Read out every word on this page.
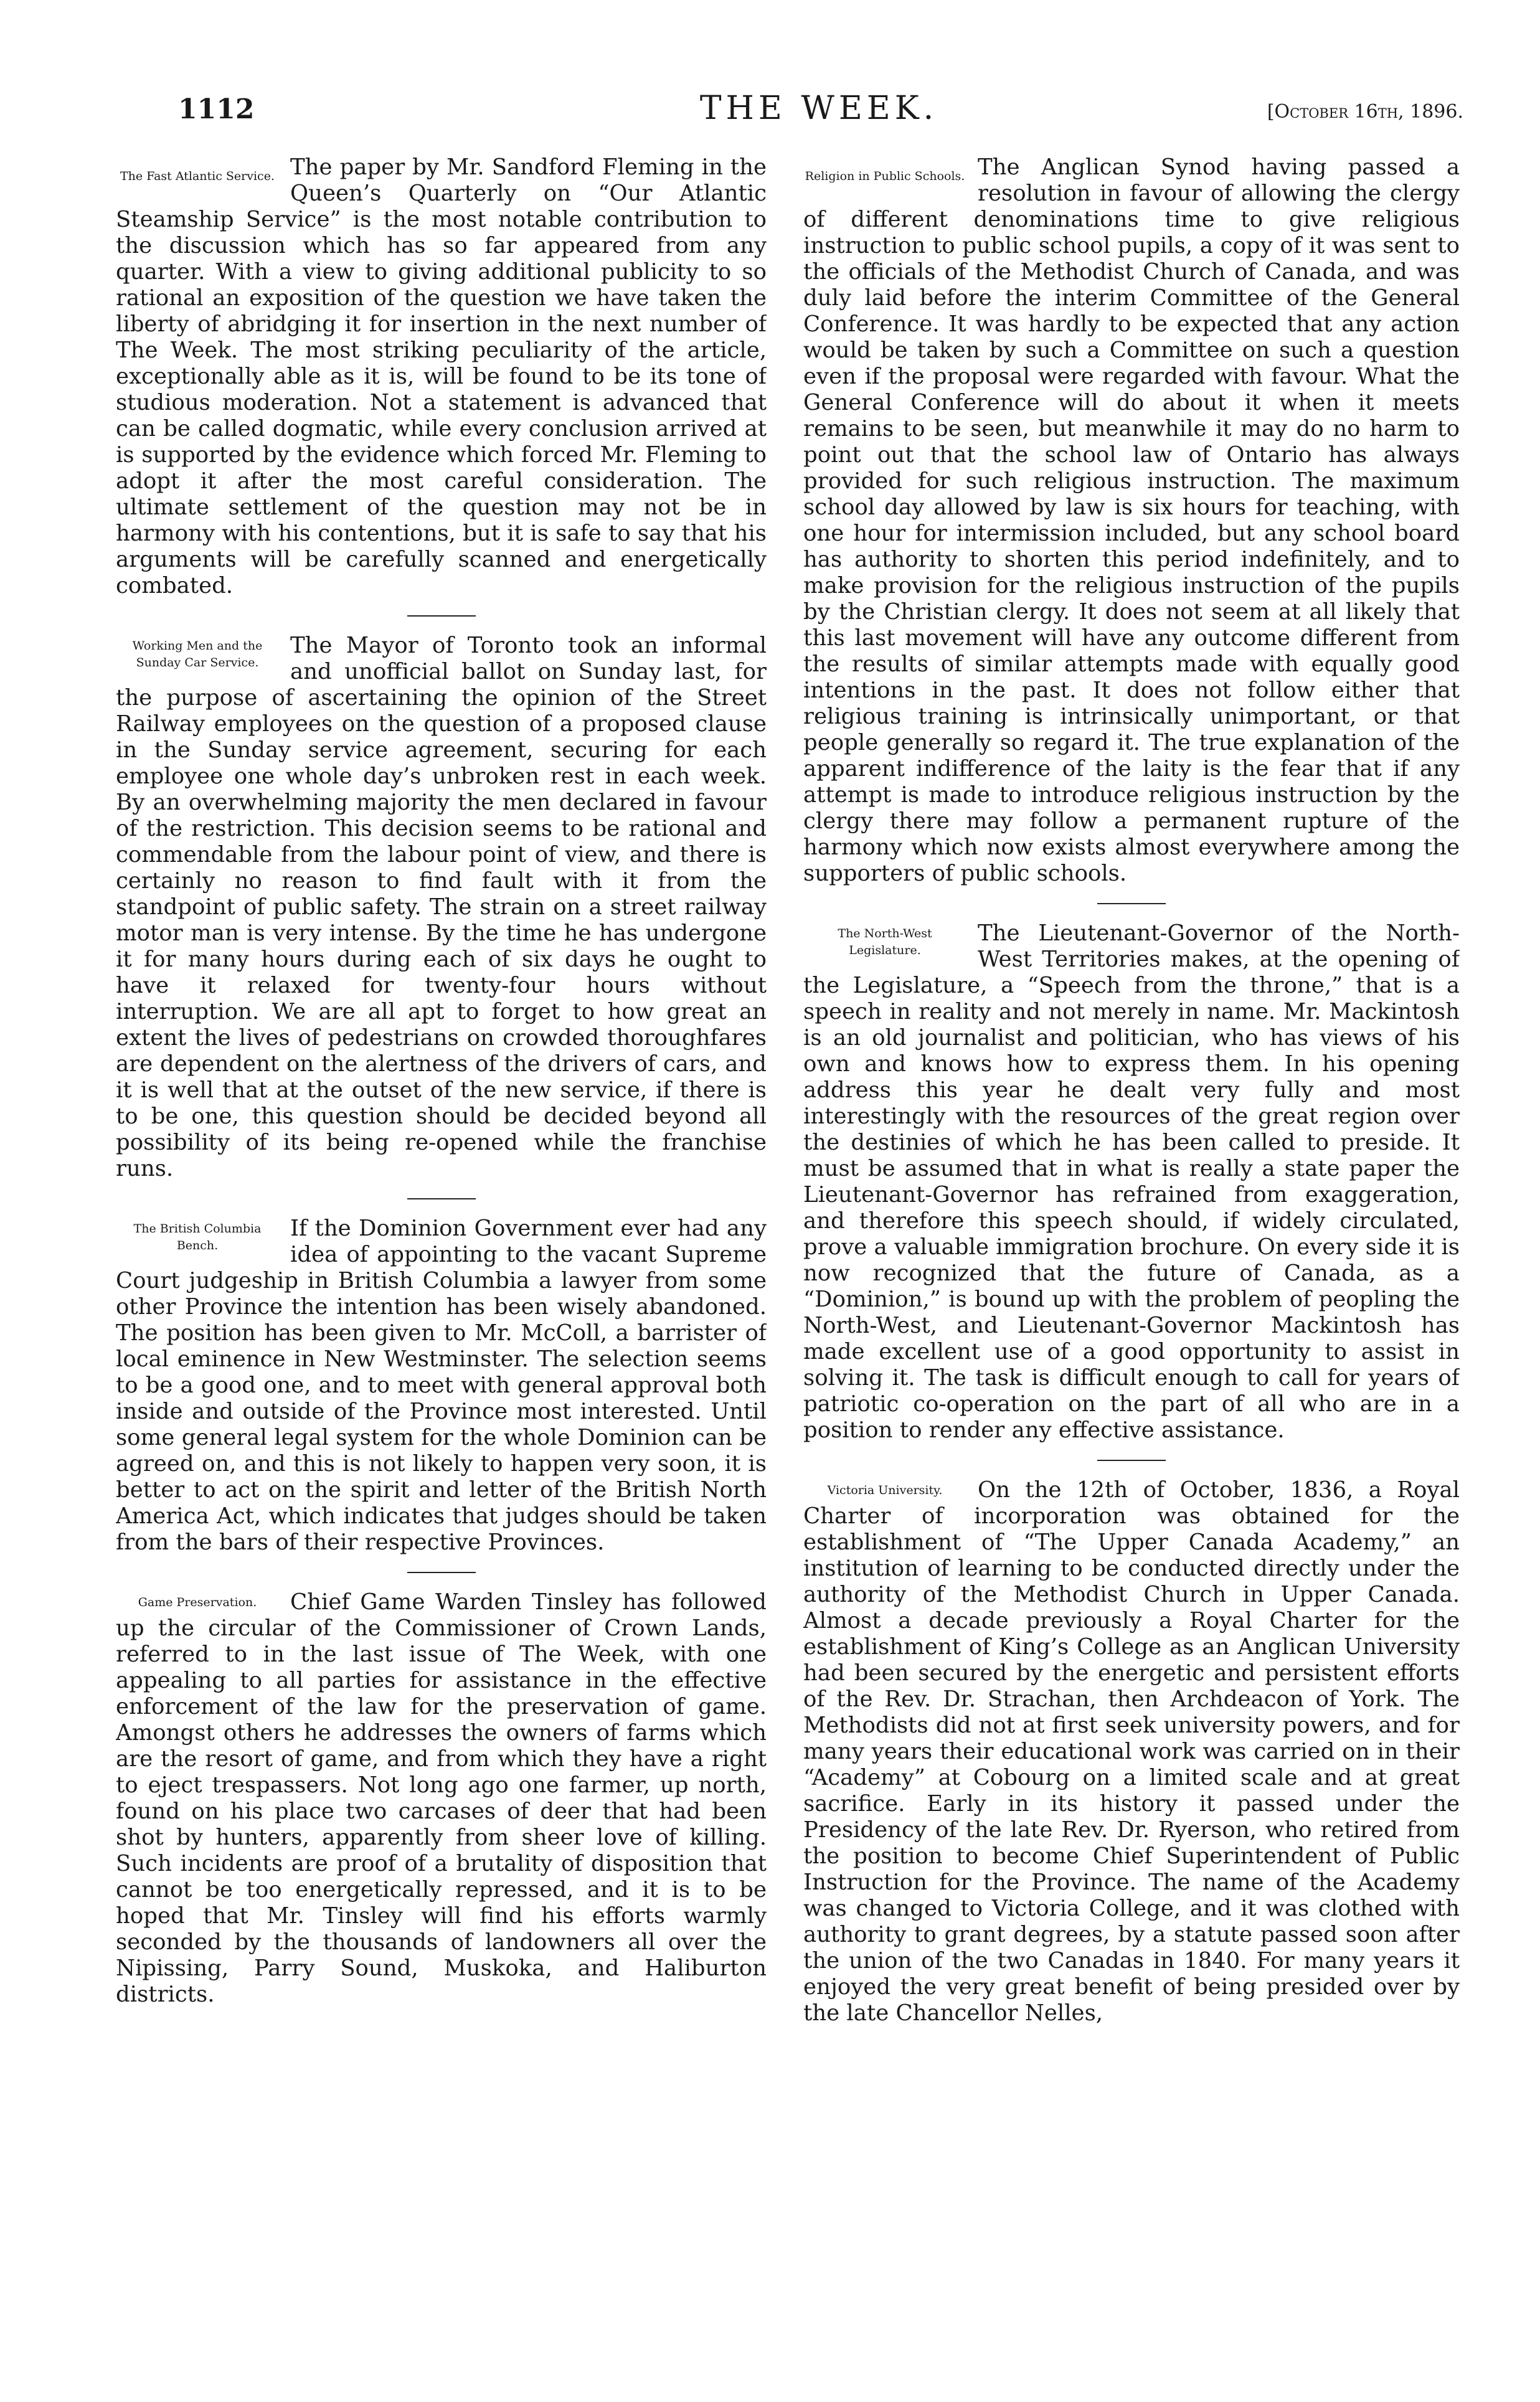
1112	THE WEEK.	[October 16th, 1896.
The Fast Atlantic Service. The paper by Mr. Sandford Fleming in the Queen’s Quarterly on “Our Atlantic Steamship Service” is the most notable contribution to the discussion which has so far appeared from any quarter. With a view to giving additional publicity to so rational an exposition of the question we have taken the liberty of abridging it for insertion in the next number of The Week. The most striking peculiarity of the article, exceptionally able as it is, will be found to be its tone of studious moderation. Not a statement is advanced that can be called dogmatic, while every conclusion arrived at is supported by the evidence which forced Mr. Fleming to adopt it after the most careful consideration. The ultimate settlement of the question may not be in harmony with his contentions, but it is safe to say that his arguments will be carefully scanned and energetically combated.

Working Men and the Sunday Car Service.

The Mayor of Toronto took an informal and unofficial ballot on Sunday last, for the purpose of ascertaining the opinion of the Street Railway employees on the question of a proposed clause in the Sunday service agreement, securing for each employee one whole day’s unbroken rest in each week. By an overwhelming majority the men declared in favour of the restriction. This decision seems to be rational and commendable from the labour point of view, and there is certainly no reason to find fault with it from the standpoint of public safety. The strain on a street railway motor man is very intense. By the time he has undergone it for many hours during each of six days he ought to have it relaxed for twenty-four hours without interruption. We are all apt to forget to how great an extent the lives of pedestrians on crowded thoroughfares are dependent on the alertness of the drivers of cars, and it is well that at the outset of the new service, if there is to be one, this question should be decided beyond all possibility of its being re-opened while the franchise runs.

The British Columbia Bench.

If the Dominion Government ever had any idea of appointing to the vacant Supreme Court judgeship in British Columbia a lawyer from some other Province the intention has been wisely abandoned. The position has been given to Mr. McColl, a barrister of local eminence in New Westminster. The selection seems to be a good one, and to meet with general approval both inside and outside of the Province most interested. Until some general legal system for the whole Dominion can be agreed on, and this is not likely to happen very soon, it is better to act on the spirit and letter of the British North America Act, which indicates that judges should be taken from the bars of their respective Provinces.

Game Preservation.	Chief Game Warden Tinsley has followed up the circular of the Commissioner of Crown Lands, referred to in the last issue of The Week, with one appealing to all parties for assistance in the effective enforcement of the law for the preservation of game. Amongst others he addresses the owners of farms which are the resort of game, and from which they have a right to eject trespassers. Not long ago one farmer, up north, found on his place two carcases of deer that had been shot by hunters, apparently from sheer love of killing. Such incidents are proof of a brutality of disposition that cannot be too energetically repressed, and it is to be hoped that Mr. Tinsley will find his efforts warmly seconded by the thousands of landowners all over the Nipissing, Parry Sound, Muskoka, and Haliburton districts.

Religion in Public Schools. The Anglican Synod having passed a resolution in favour of allowing the clergy of different denominations time to give religious instruction to public school pupils, a copy of it was sent to the officials of the Methodist Church of Canada, and was duly laid before the interim Committee of the General Conference. It was hardly to be expected that any action would be taken by such a Committee on such a question even if the proposal were regarded with favour. What the General Conference will do about it when it meets remains to be seen, but meanwhile it may do no harm to point out that the school law of Ontario has always provided for such religious instruction. The maximum school day allowed by law is six hours for teaching, with one hour for intermission included, but any school board has authority to shorten this period indefinitely, and to make provision for the religious instruction of the pupils by the Christian clergy. It does not seem at all likely that this last movement will have any outcome different from the results of similar attempts made with equally good intentions in the past. It does not follow either that religious training is intrinsically unimportant, or that people generally so regard it. The true explanation of the apparent indifference of the laity is the fear that if any attempt is made to introduce religious instruction by the clergy there may follow a permanent rupture of the harmony which now exists almost everywhere among the supporters of public schools.

The North-West Legislature.

The Lieutenant-Governor of the North-West Territories makes, at the opening of the Legislature, a “Speech from the throne,” that is a speech in reality and not merely in name. Mr. Mackintosh is an old journalist and politician, who has views of his own and knows how to express them. In his opening address this year he dealt very fully and most interestingly with the resources of the great region over the destinies of which he has been called to preside. It must be assumed that in what is really a state paper the Lieutenant-Governor has refrained from exaggeration, and therefore this speech should, if widely circulated, prove a valuable immigration brochure. On every side it is now recognized that the future of Canada, as a “Dominion,” is bound up with the problem of peopling the North-West, and Lieutenant-Governor Mackintosh has made excellent use of a good opportunity to assist in solving it. The task is difficult enough to call for years of patriotic co-operation on the part of all who are in a position to render any effective assistance.

Victoria University.	On the 12th of October, 1836, a Royal Charter of incorporation was obtained for the establishment of “The Upper Canada Academy,” an institution of learning to be conducted directly under the authority of the Methodist Church in Upper Canada. Almost a decade previously a Royal Charter for the establishment of King’s College as an Anglican University had been secured by the energetic and persistent efforts of the Rev. Dr. Strachan, then Archdeacon of York. The Methodists did not at first seek university powers, and for many years their educational work was carried on in their “Academy” at Cobourg on a limited scale and at great sacrifice. Early in its history it passed under the Presidency of the late Rev. Dr. Ryerson, who retired from the position to become Chief Superintendent of Public Instruction for the Province. The name of the Academy was changed to Victoria College, and it was clothed with authority to grant degrees, by a statute passed soon after the union of the two Canadas in 1840. For many years it enjoyed the very great benefit of being presided over by the late Chancellor Nelles,
